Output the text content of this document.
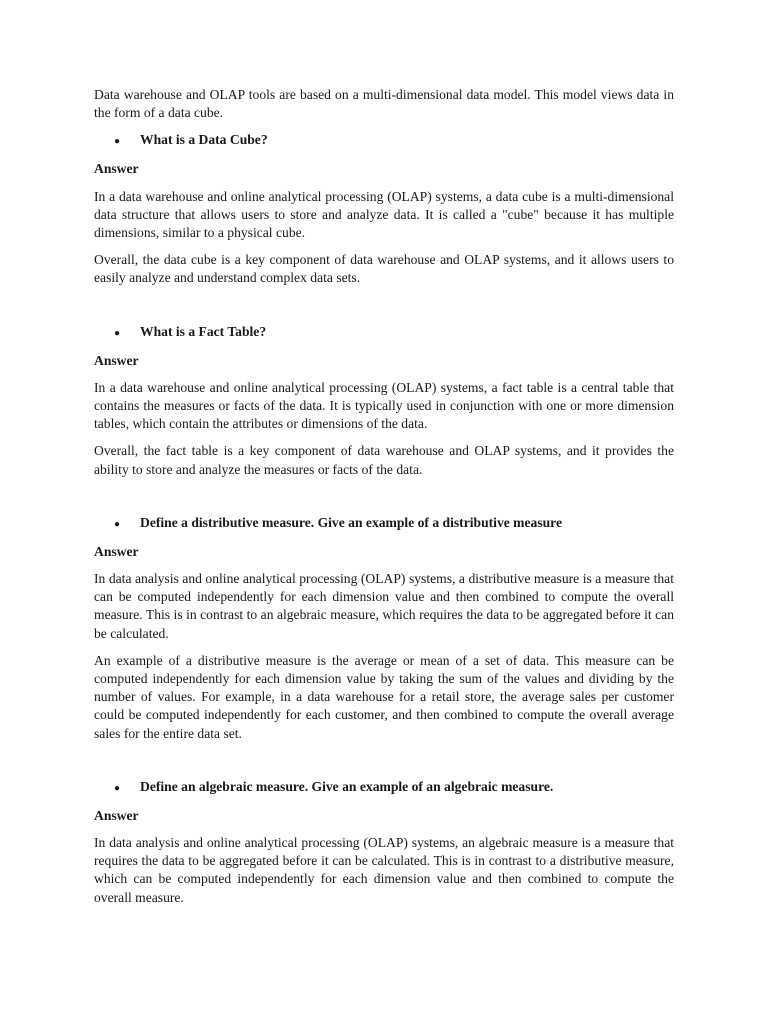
Data warehouse and OLAP tools are based on a multi-dimensional data model. This model views data in the form of a data cube.

●	What is a Data Cube?
Answer

In a data warehouse and online analytical processing (OLAP) systems, a data cube is a multi-dimensional data structure that allows users to store and analyze data. It is called a "cube" because it has multiple dimensions, similar to a physical cube.

Overall, the data cube is a key component of data warehouse and OLAP systems, and it allows users to easily analyze and understand complex data sets.

●	What is a Fact Table?
Answer

In a data warehouse and online analytical processing (OLAP) systems, a fact table is a central table that contains the measures or facts of the data. It is typically used in conjunction with one or more dimension tables, which contain the attributes or dimensions of the data.

Overall, the fact table is a key component of data warehouse and OLAP systems, and it provides the ability to store and analyze the measures or facts of the data.

●	Define a distributive measure. Give an example of a distributive measure
Answer

In data analysis and online analytical processing (OLAP) systems, a distributive measure is a measure that can be computed independently for each dimension value and then combined to compute the overall measure. This is in contrast to an algebraic measure, which requires the data to be aggregated before it can be calculated.

An example of a distributive measure is the average or mean of a set of data. This measure can be computed independently for each dimension value by taking the sum of the values and dividing by the number of values. For example, in a data warehouse for a retail store, the average sales per customer could be computed independently for each customer, and then combined to compute the overall average sales for the entire data set.

●	Define an algebraic measure. Give an example of an algebraic measure.
Answer

In data analysis and online analytical processing (OLAP) systems, an algebraic measure is a measure that requires the data to be aggregated before it can be calculated. This is in contrast to a distributive measure, which can be computed independently for each dimension value and then combined to compute the overall measure.
